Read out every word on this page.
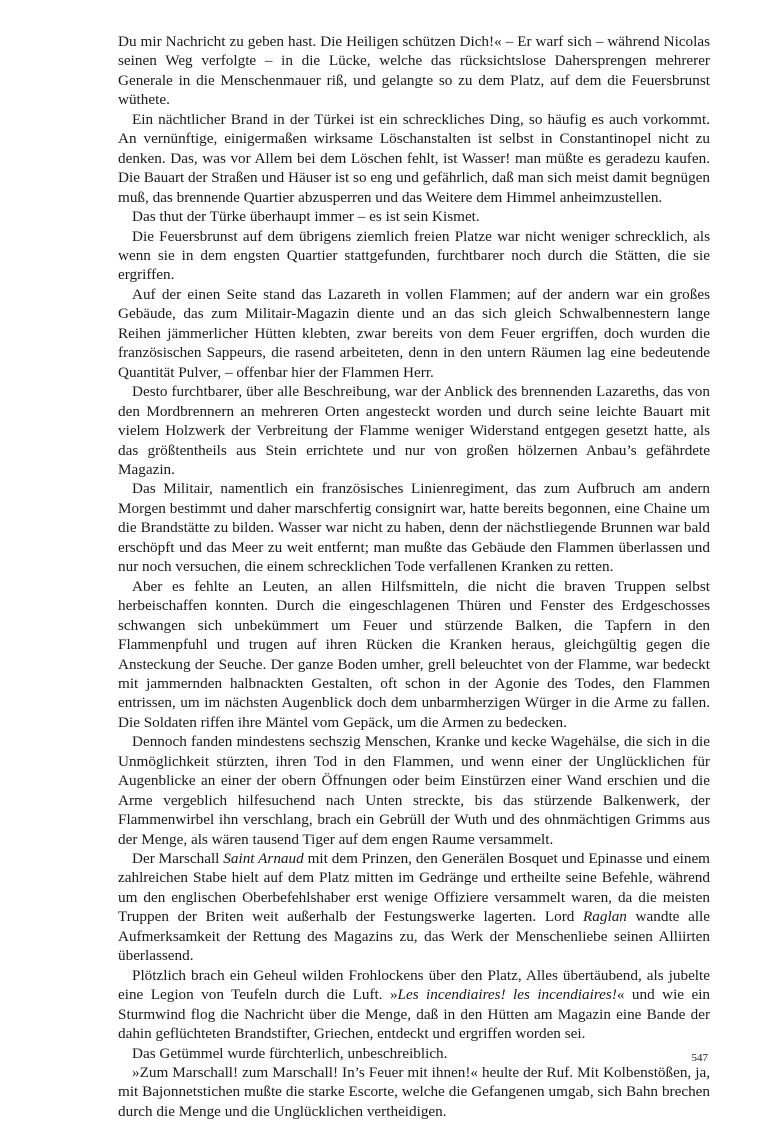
Du mir Nachricht zu geben hast. Die Heiligen schützen Dich!« – Er warf sich – während Nicolas seinen Weg verfolgte – in die Lücke, welche das rücksichtslose Dahersprengen mehrerer Generale in die Menschenmauer riß, und gelangte so zu dem Platz, auf dem die Feuersbrunst wüthete.

Ein nächtlicher Brand in der Türkei ist ein schreckliches Ding, so häufig es auch vorkommt. An vernünftige, einigermaßen wirksame Löschanstalten ist selbst in Constantinopel nicht zu denken. Das, was vor Allem bei dem Löschen fehlt, ist Wasser! man müßte es geradezu kaufen. Die Bauart der Straßen und Häuser ist so eng und gefährlich, daß man sich meist damit begnügen muß, das brennende Quartier abzusperren und das Weitere dem Himmel anheimzustellen.

Das thut der Türke überhaupt immer – es ist sein Kismet.

Die Feuersbrunst auf dem übrigens ziemlich freien Platze war nicht weniger schrecklich, als wenn sie in dem engsten Quartier stattgefunden, furchtbarer noch durch die Stätten, die sie ergriffen.

Auf der einen Seite stand das Lazareth in vollen Flammen; auf der andern war ein großes Gebäude, das zum Militair-Magazin diente und an das sich gleich Schwalbennestern lange Reihen jämmerlicher Hütten klebten, zwar bereits von dem Feuer ergriffen, doch wurden die französischen Sappeurs, die rasend arbeiteten, denn in den untern Räumen lag eine bedeutende Quantität Pulver, – offenbar hier der Flammen Herr.

Desto furchtbarer, über alle Beschreibung, war der Anblick des brennenden Lazareths, das von den Mordbrennern an mehreren Orten angesteckt worden und durch seine leichte Bauart mit vielem Holzwerk der Verbreitung der Flamme weniger Widerstand entgegen gesetzt hatte, als das größtentheils aus Stein errichtete und nur von großen hölzernen Anbau’s gefährdete Magazin.

Das Militair, namentlich ein französisches Linienregiment, das zum Aufbruch am andern Morgen bestimmt und daher marschfertig consignirt war, hatte bereits begonnen, eine Chaine um die Brandstätte zu bilden. Wasser war nicht zu haben, denn der nächstliegende Brunnen war bald erschöpft und das Meer zu weit entfernt; man mußte das Gebäude den Flammen überlassen und nur noch versuchen, die einem schrecklichen Tode verfallenen Kranken zu retten.

Aber es fehlte an Leuten, an allen Hilfsmitteln, die nicht die braven Truppen selbst herbeischaffen konnten. Durch die eingeschlagenen Thüren und Fenster des Erdgeschosses schwangen sich unbekümmert um Feuer und stürzende Balken, die Tapfern in den Flammenpfuhl und trugen auf ihren Rücken die Kranken heraus, gleichgültig gegen die Ansteckung der Seuche. Der ganze Boden umher, grell beleuchtet von der Flamme, war bedeckt mit jammernden halbnackten Gestalten, oft schon in der Agonie des Todes, den Flammen entrissen, um im nächsten Augenblick doch dem unbarmherzigen Würger in die Arme zu fallen. Die Soldaten riffen ihre Mäntel vom Gepäck, um die Armen zu bedecken.

Dennoch fanden mindestens sechszig Menschen, Kranke und kecke Wagehälse, die sich in die Unmöglichkeit stürzten, ihren Tod in den Flammen, und wenn einer der Unglücklichen für Augenblicke an einer der obern Öffnungen oder beim Einstürzen einer Wand erschien und die Arme vergeblich hilfesuchend nach Unten streckte, bis das stürzende Balkenwerk, der Flammenwirbel ihn verschlang, brach ein Gebrüll der Wuth und des ohnmächtigen Grimms aus der Menge, als wären tausend Tiger auf dem engen Raume versammelt.

Der Marschall Saint Arnaud mit dem Prinzen, den Generälen Bosquet und Epinasse und einem zahlreichen Stabe hielt auf dem Platz mitten im Gedränge und ertheilte seine Befehle, während um den englischen Oberbefehlshaber erst wenige Offiziere versammelt waren, da die meisten Truppen der Briten weit außerhalb der Festungswerke lagerten. Lord Raglan wandte alle Aufmerksamkeit der Rettung des Magazins zu, das Werk der Menschenliebe seinen Alliirten überlassend.

Plötzlich brach ein Geheul wilden Frohlockens über den Platz, Alles übertäubend, als jubelte eine Legion von Teufeln durch die Luft. »Les incendiaires! les incendiaires!« und wie ein Sturmwind flog die Nachricht über die Menge, daß in den Hütten am Magazin eine Bande der dahin geflüchteten Brandstifter, Griechen, entdeckt und ergriffen worden sei.

Das Getümmel wurde fürchterlich, unbeschreiblich.

»Zum Marschall! zum Marschall! In’s Feuer mit ihnen!« heulte der Ruf. Mit Kolbenstößen, ja, mit Bajonnetstichen mußte die starke Escorte, welche die Gefangenen umgab, sich Bahn brechen durch die Menge und die Unglücklichen vertheidigen.

547
